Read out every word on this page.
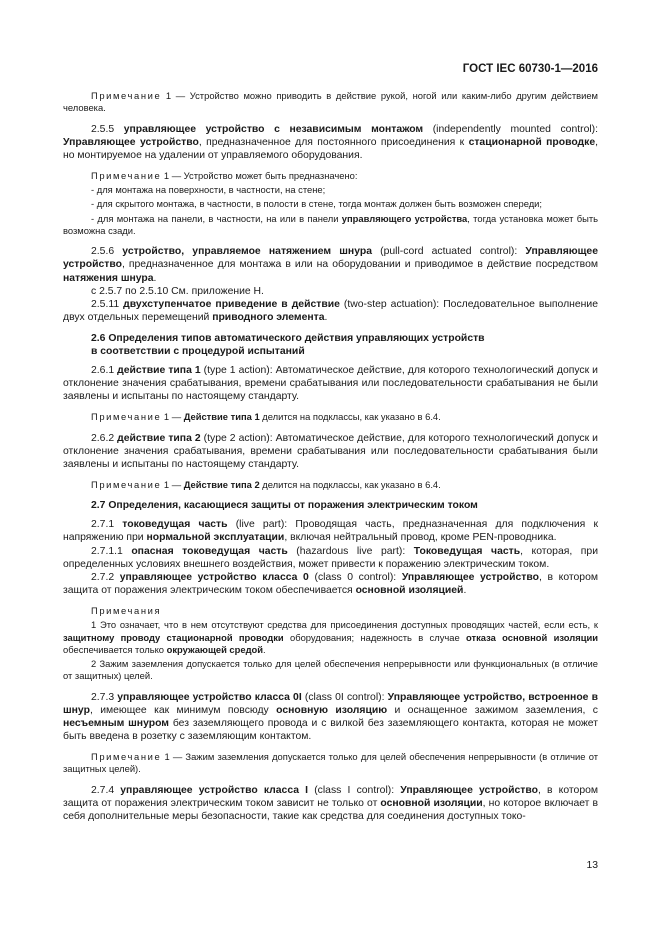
ГОСТ IEC 60730-1—2016
Примечание 1 — Устройство можно приводить в действие рукой, ногой или каким-либо другим действием человека.
2.5.5 управляющее устройство с независимым монтажом (independently mounted control): Управляющее устройство, предназначенное для постоянного присоединения к стационарной проводке, но монтируемое на удалении от управляемого оборудования.
Примечание 1 — Устройство может быть предназначено:
- для монтажа на поверхности, в частности, на стене;
- для скрытого монтажа, в частности, в полости в стене, тогда монтаж должен быть возможен спереди;
- для монтажа на панели, в частности, на или в панели управляющего устройства, тогда установка может быть возможна сзади.
2.5.6 устройство, управляемое натяжением шнура (pull-cord actuated control): Управляющее устройство, предназначенное для монтажа в или на оборудовании и приводимое в действие посредством натяжения шнура.
с 2.5.7 по 2.5.10 См. приложение Н.
2.5.11 двухступенчатое приведение в действие (two-step actuation): Последовательное выполнение двух отдельных перемещений приводного элемента.
2.6 Определения типов автоматического действия управляющих устройств
в соответствии с процедурой испытаний
2.6.1 действие типа 1 (type 1 action): Автоматическое действие, для которого технологический допуск и отклонение значения срабатывания, времени срабатывания или последовательности срабатывания не были заявлены и испытаны по настоящему стандарту.
Примечание 1 — Действие типа 1 делится на подклассы, как указано в 6.4.
2.6.2 действие типа 2 (type 2 action): Автоматическое действие, для которого технологический допуск и отклонение значения срабатывания, времени срабатывания или последовательности срабатывания были заявлены и испытаны по настоящему стандарту.
Примечание 1 — Действие типа 2 делится на подклассы, как указано в 6.4.
2.7 Определения, касающиеся защиты от поражения электрическим током
2.7.1 токоведущая часть (live part): Проводящая часть, предназначенная для подключения к напряжению при нормальной эксплуатации, включая нейтральный провод, кроме PEN-проводника.
2.7.1.1 опасная токоведущая часть (hazardous live part): Токоведущая часть, которая, при определенных условиях внешнего воздействия, может привести к поражению электрическим током.
2.7.2 управляющее устройство класса 0 (class 0 control): Управляющее устройство, в котором защита от поражения электрическим током обеспечивается основной изоляцией.
Примечания
1 Это означает, что в нем отсутствуют средства для присоединения доступных проводящих частей, если есть, к защитному проводу стационарной проводки оборудования; надежность в случае отказа основной изоляции обеспечивается только окружающей средой.
2 Зажим заземления допускается только для целей обеспечения непрерывности или функциональных (в отличие от защитных) целей.
2.7.3 управляющее устройство класса 0I (class 0I control): Управляющее устройство, встроенное в шнур, имеющее как минимум повсюду основную изоляцию и оснащенное зажимом заземления, с несъемным шнуром без заземляющего провода и с вилкой без заземляющего контакта, которая не может быть введена в розетку с заземляющим контактом.
Примечание 1 — Зажим заземления допускается только для целей обеспечения непрерывности (в отличие от защитных целей).
2.7.4 управляющее устройство класса I (class I control): Управляющее устройство, в котором защита от поражения электрическим током зависит не только от основной изоляции, но которое включает в себя дополнительные меры безопасности, такие как средства для соединения доступных токо-
13
